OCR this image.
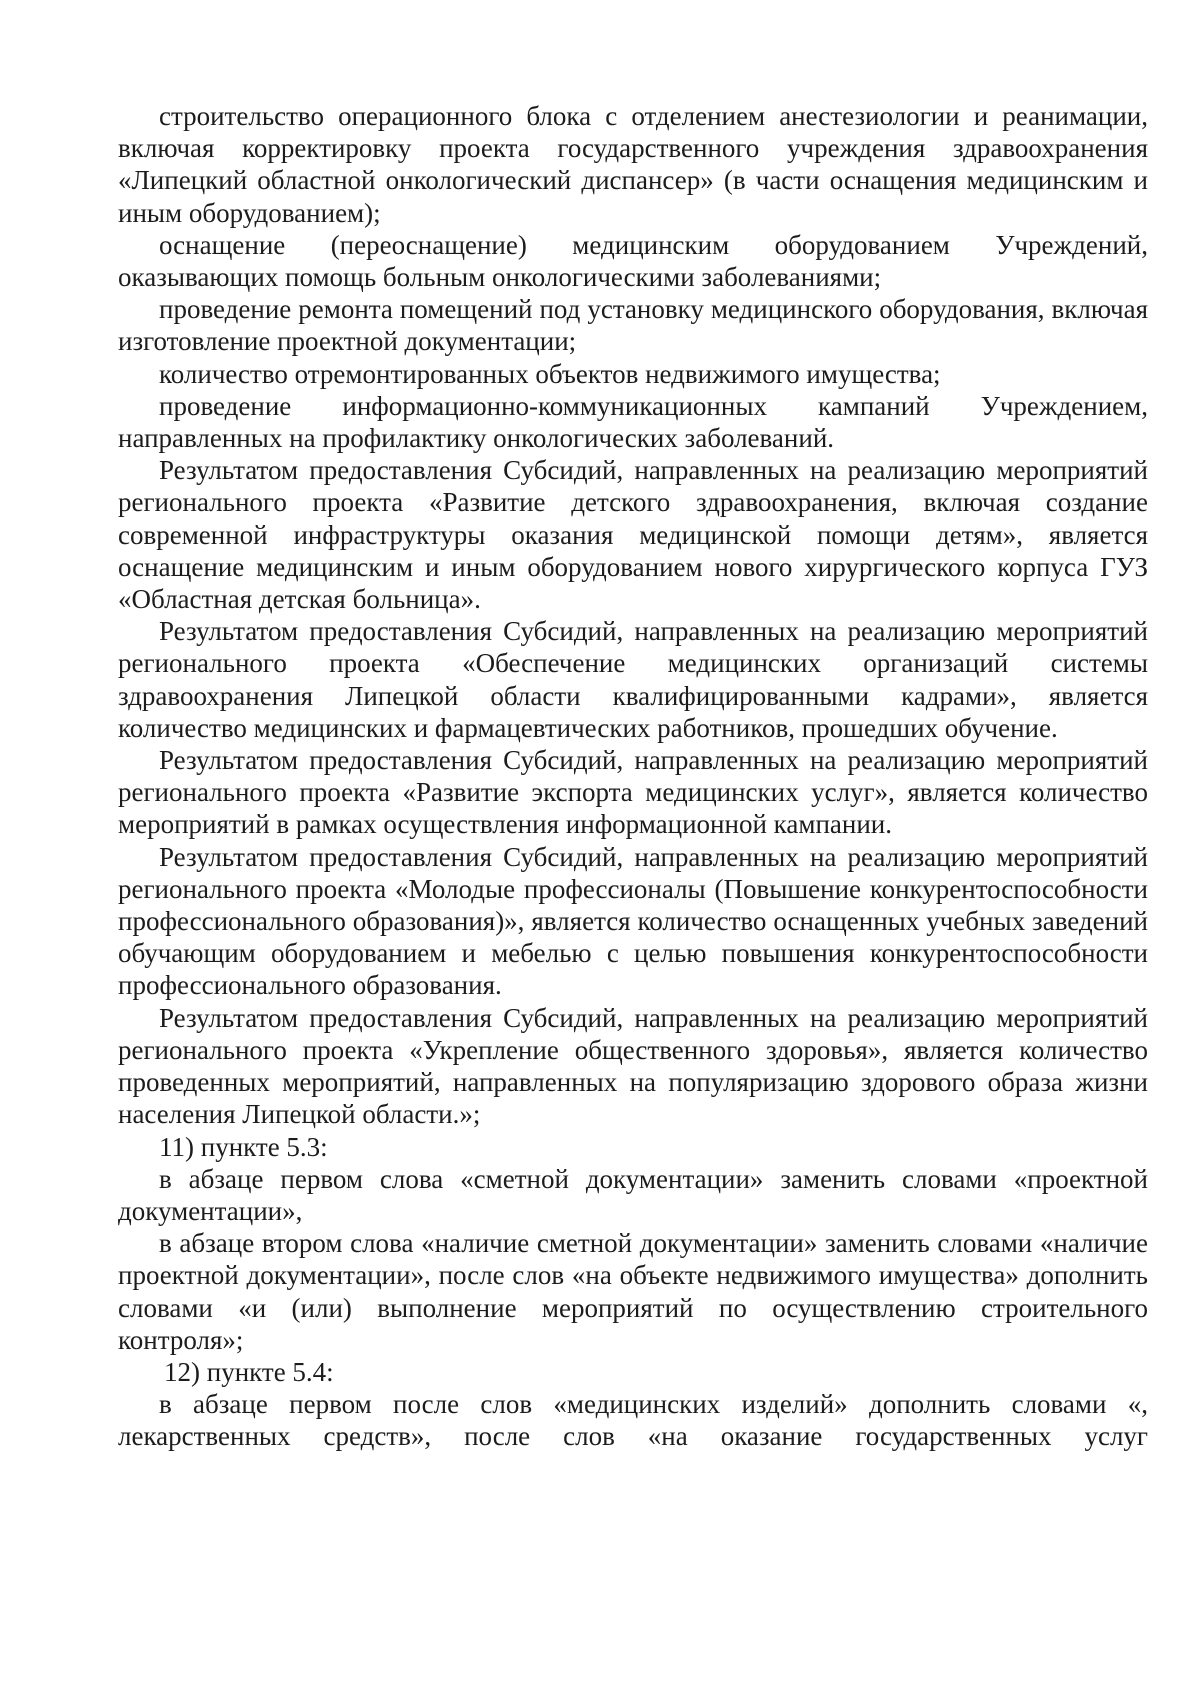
строительство операционного блока с отделением анестезиологии и реанимации, включая корректировку проекта государственного учреждения здравоохранения «Липецкий областной онкологический диспансер» (в части оснащения медицинским и иным оборудованием);

оснащение (переоснащение) медицинским оборудованием Учреждений, оказывающих помощь больным онкологическими заболеваниями;

проведение ремонта помещений под установку медицинского оборудования, включая изготовление проектной документации;

количество отремонтированных объектов недвижимого имущества;

проведение информационно-коммуникационных кампаний Учреждением, направленных на профилактику онкологических заболеваний.

Результатом предоставления Субсидий, направленных на реализацию мероприятий регионального проекта «Развитие детского здравоохранения, включая создание современной инфраструктуры оказания медицинской помощи детям», является оснащение медицинским и иным оборудованием нового хирургического корпуса ГУЗ «Областная детская больница».

Результатом предоставления Субсидий, направленных на реализацию мероприятий регионального проекта «Обеспечение медицинских организаций системы здравоохранения Липецкой области квалифицированными кадрами», является количество медицинских и фармацевтических работников, прошедших обучение.

Результатом предоставления Субсидий, направленных на реализацию мероприятий регионального проекта «Развитие экспорта медицинских услуг», является количество мероприятий в рамках осуществления информационной кампании.

Результатом предоставления Субсидий, направленных на реализацию мероприятий регионального проекта «Молодые профессионалы (Повышение конкурентоспособности профессионального образования)», является количество оснащенных учебных заведений обучающим оборудованием и мебелью с целью повышения конкурентоспособности профессионального образования.

Результатом предоставления Субсидий, направленных на реализацию мероприятий регионального проекта «Укрепление общественного здоровья», является количество проведенных мероприятий, направленных на популяризацию здорового образа жизни населения Липецкой области.»;

11) пункте 5.3:

в абзаце первом слова «сметной документации» заменить словами «проектной документации»,

в абзаце втором слова «наличие сметной документации» заменить словами «наличие проектной документации», после слов «на объекте недвижимого имущества» дополнить словами «и (или) выполнение мероприятий по осуществлению строительного контроля»;

12) пункте 5.4:

в абзаце первом после слов «медицинских изделий» дополнить словами «, лекарственных средств», после слов «на оказание государственных услуг
